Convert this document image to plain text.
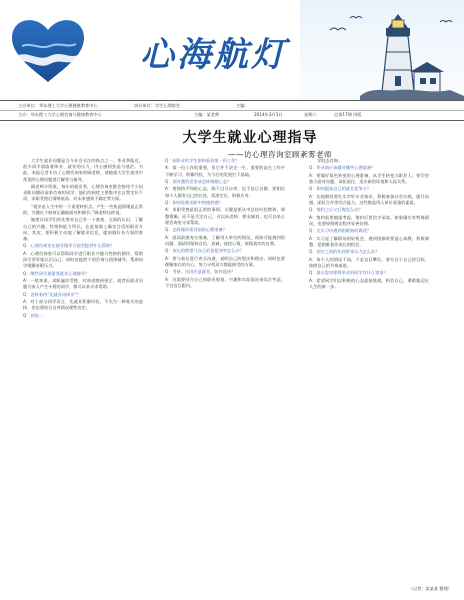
心海航灯
主办单位：华东理工大学心理健康教育中心	协办单位：学生心理协会	主编：
主办：华东理工大学心理咨询与健康教育中心	主编：某老师	2014年3月1日	星期六	总第17期 四版
大学生就业心理指导
——访心理咨询室顾紊雾老师

大学生就业问题是当今社会关注的热点之一。毕业季临近，很多同学面临着择业、就业的压力，内心感到焦虑与迷茫。为此，本报记者专访了心理咨询室的顾老师，请她就大学生就业中常见的心理问题进行解答与指导。

顾老师介绍说，每年的就业季，心理咨询室都会接待不少因求职问题而前来咨询的同学，他们的困扰主要集中在自我定位不清、求职受挫后情绪低落、对未来感到不确定等方面。

“就业是人生中的一个重要转折点，产生一些焦虑情绪是正常的，关键在于如何正确地面对和调节。”顾老师这样说。

她建议同学们首先要对自己有一个客观、全面的认识，了解自己的兴趣、性格和能力所长，在此基础上确定合适的职业方向。其次，要积极主动地了解就业信息，提前做好各方面的准备。

Q：心理咨询室在就业指导方面会提供什么帮助？

A：心理咨询室可以帮助同学进行职业兴趣与性格的测评，帮助同学更好地认识自己；同时也提供个别咨询与团体辅导，帮助同学缓解求职压力。

Q：哪些同学最需要就业心理辅导？

A：一般来说，求职屡次受挫、对前途感到迷茫、或者因就业问题与家人产生矛盾的同学，都可以来寻求帮助。

Q：怎样看待“先就业再择业”？

A：对于部分同学而言，先就业积累经验，不失为一种务实的选择，但也要结合自身情况理性决定。

Q：初次...

Q：刚毕业的学生如何看待第一份工作？

A：第一份工作很重要，但它并不决定一生。重要的是在工作中不断学习、积累经验，为今后的发展打下基础。

Q：面对激烈竞争该怎样调整心态？

A：要保持平和的心态，既不过分自卑，也不盲目自傲。要相信每个人都有自己的长处，找准定位，积极应对。

Q：如何处理求职中的挫折感？

A：求职受挫是很正常的事情，关键是要从中总结经验教训，调整策略，而不是否定自己。可以向老师、朋友倾诉，也可以来心理咨询室寻求帮助。

Q：怎样做好面试前的心理准备？

A：面试前要充分准备，了解用人单位的情况，预演可能遇到的问题。面试时保持自信、真诚，放松心情，展现真实的自我。

Q：家长的期望与自己的意愿冲突怎么办？

A：要与家长进行充分沟通，说明自己的想法和理由，同时也要理解家长的关心，努力寻找双方都能接受的方案。

Q：考研、出国还是就业，如何选择？

A：这需要结合自己的职业规划、兴趣和实际情况来综合考虑，不宜盲目跟风。

学院去咨询。

Q：毕业前应该做好哪些心理准备？

A：要做好角色转变的心理准备，从学生转变为职业人，要学会独立面对问题，承担责任，适应新的环境和人际关系。

Q：如何提高自己的就业竞争力？

A：在校期间要扎实学好专业知识，积极参加社会实践，提升沟通、团队合作等综合能力，这些都是用人单位看重的素质。

Q：签约之后又后悔怎么办？

A：签约前要慎重考虑，签约后要信守承诺。如果确实有特殊情况，也要按照规定程序妥善处理。

Q：在实习中遇到困难如何调适？

A：实习是了解职场的好机会，遇到困难时要虚心请教，积极调整，把困难看作成长的机会。

Q：同学之间的比较带来压力怎么办？

A：每个人的情况不同，不必盲目攀比。要专注于自己的目标，按照自己的节奏前进。

Q：最后您对即将毕业的同学有什么寄语？

A：希望同学们以积极的心态迎接挑战，相信自己，勇敢地迈出人生的新一步。

（记者：某某某 整理）
